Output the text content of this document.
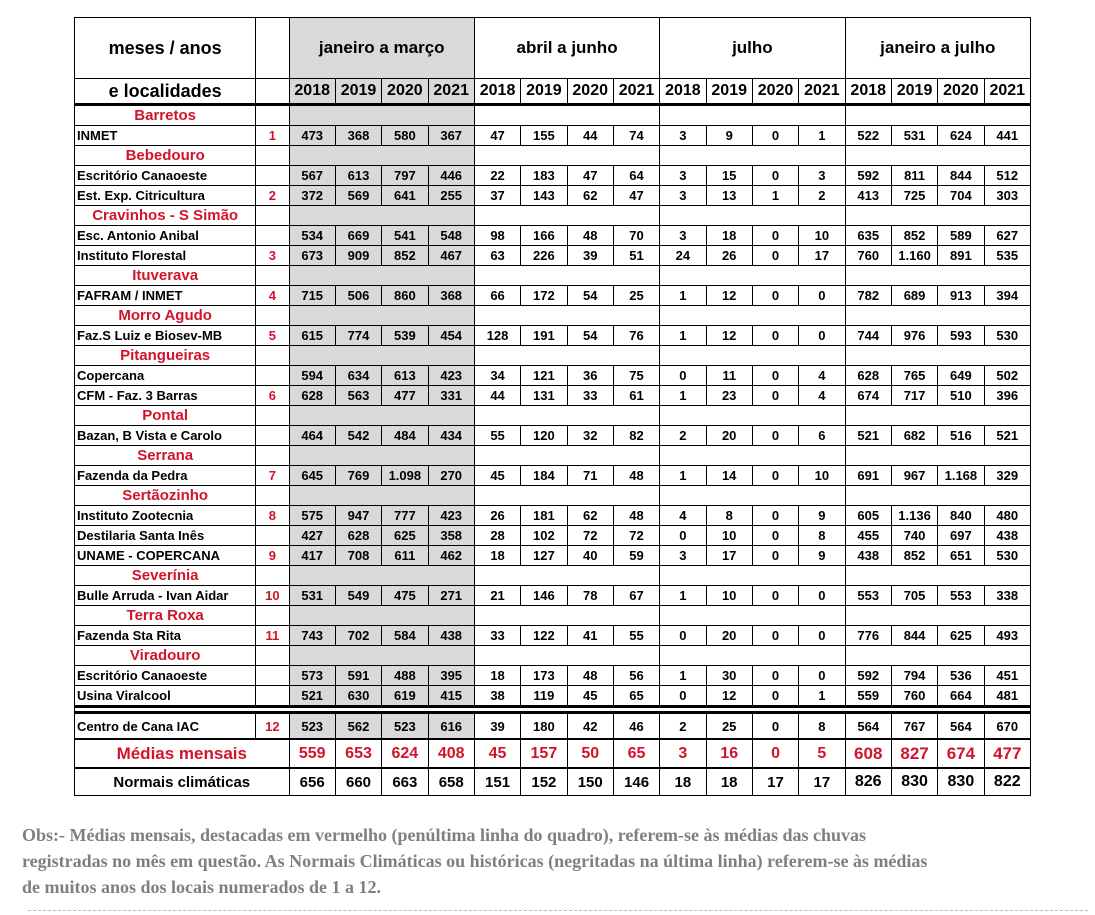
meses / anos		janeiro a março				abril a junho				julho				janeiro a julho			
e localidades		2018	2019	2020	2021	2018	2019	2020	2021	2018	2019	2020	2021	2018	2019	2020	2021
Barretos																	
INMET	1	473	368	580	367	47	155	44	74	3	9	0	1	522	531	624	441
Bebedouro																	
Escritório Canaoeste		567	613	797	446	22	183	47	64	3	15	0	3	592	811	844	512
Est. Exp. Citricultura	2	372	569	641	255	37	143	62	47	3	13	1	2	413	725	704	303
Cravinhos - S Simão																	
Esc. Antonio Anibal		534	669	541	548	98	166	48	70	3	18	0	10	635	852	589	627
Instituto Florestal	3	673	909	852	467	63	226	39	51	24	26	0	17	760	1.160	891	535
Ituverava																	
FAFRAM / INMET	4	715	506	860	368	66	172	54	25	1	12	0	0	782	689	913	394
Morro Agudo																	
Faz.S Luiz e Biosev-MB	5	615	774	539	454	128	191	54	76	1	12	0	0	744	976	593	530
Pitangueiras																	
Copercana		594	634	613	423	34	121	36	75	0	11	0	4	628	765	649	502
CFM - Faz. 3 Barras	6	628	563	477	331	44	131	33	61	1	23	0	4	674	717	510	396
Pontal																	
Bazan, B Vista e Carolo		464	542	484	434	55	120	32	82	2	20	0	6	521	682	516	521
Serrana																	
Fazenda da Pedra	7	645	769	1.098	270	45	184	71	48	1	14	0	10	691	967	1.168	329
Sertãozinho																	
Instituto Zootecnia	8	575	947	777	423	26	181	62	48	4	8	0	9	605	1.136	840	480
Destilaria Santa Inês		427	628	625	358	28	102	72	72	0	10	0	8	455	740	697	438
UNAME - COPERCANA	9	417	708	611	462	18	127	40	59	3	17	0	9	438	852	651	530
Severínia																	
Bulle Arruda - Ivan Aidar	10	531	549	475	271	21	146	78	67	1	10	0	0	553	705	553	338
Terra Roxa																	
Fazenda Sta Rita	11	743	702	584	438	33	122	41	55	0	20	0	0	776	844	625	493
Viradouro																	
Escritório Canaoeste		573	591	488	395	18	173	48	56	1	30	0	0	592	794	536	451
Usina Viralcool		521	630	619	415	38	119	45	65	0	12	0	1	559	760	664	481

Centro de Cana IAC	12	523	562	523	616	39	180	42	46	2	25	0	8	564	767	564	670
Médias mensais		559	653	624	408	45	157	50	65	3	16	0	5	608	827	674	477
Normais climáticas		656	660	663	658	151	152	150	146	18	18	17	17	826	830	830	822

Obs:- Médias mensais, destacadas em vermelho (penúltima linha do quadro), referem-se às médias das chuvas

registradas no mês em questão. As Normais Climáticas ou históricas (negritadas na última linha) referem-se às médias

de muitos anos dos locais numerados de 1 a 12.
